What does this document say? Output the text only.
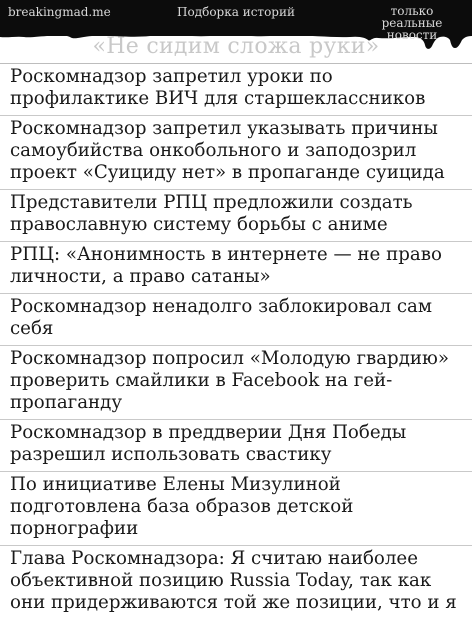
breakingmad.me	Подборка историй	только реальные
новости
«Не сидим сложа руки»
Роскомнадзор запретил уроки по профилактике ВИЧ для старшеклассников
Роскомнадзор запретил указывать причины самоубийства онкобольного и заподозрил проект «Суициду нет» в пропаганде суицида
Представители РПЦ предложили создать православную систему борьбы с аниме
РПЦ: «Анонимность в интернете — не право личности, а право сатаны»
Роскомнадзор ненадолго заблокировал сам себя
Роскомнадзор попросил «Молодую гвардию» проверить смайлики в Facebook на гей-пропаганду
Роскомнадзор в преддверии Дня Победы разрешил использовать свастику
По инициативе Елены Мизулиной подготовлена база образов детской порнографии
Глава Роскомнадзора: Я считаю наиболее объективной позицию Russia Today, так как они придерживаются той же позиции, что и я
